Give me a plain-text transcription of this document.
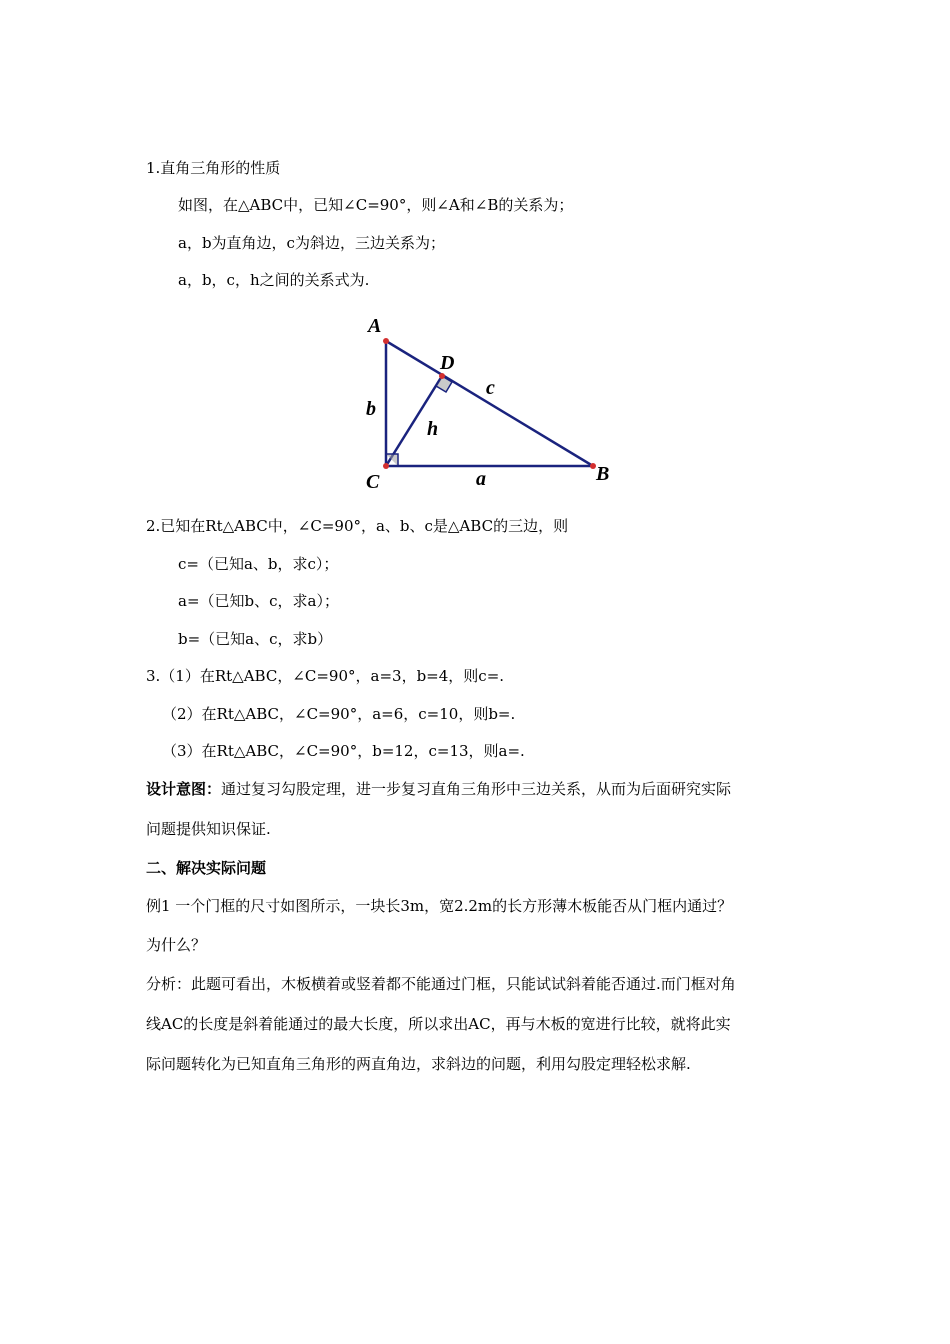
1.直角三角形的性质
如图，在△ABC中，已知∠C=90°，则∠A和∠B的关系为；
a，b为直角边，c为斜边，三边关系为；
a，b，c，h之间的关系式为.
A
B
C
D
a
b
c
h
2.已知在Rt△ABC中，∠C=90°，a、b、c是△ABC的三边，则
c=（已知a、b，求c）；
a=（已知b、c，求a）；
b=（已知a、c，求b）
3.（1）在Rt△ABC，∠C=90°，a=3，b=4，则c=.
（2）在Rt△ABC，∠C=90°，a=6，c=10，则b=.
（3）在Rt△ABC，∠C=90°，b=12，c=13，则a=.
设计意图：通过复习勾股定理，进一步复习直角三角形中三边关系，从而为后面研究实际
问题提供知识保证.
二、解决实际问题
例1 一个门框的尺寸如图所示，一块长3m，宽2.2m的长方形薄木板能否从门框内通过？
为什么？
分析：此题可看出，木板横着或竖着都不能通过门框，只能试试斜着能否通过.而门框对角
线AC的长度是斜着能通过的最大长度，所以求出AC，再与木板的宽进行比较，就将此实
际问题转化为已知直角三角形的两直角边，求斜边的问题，利用勾股定理轻松求解.
